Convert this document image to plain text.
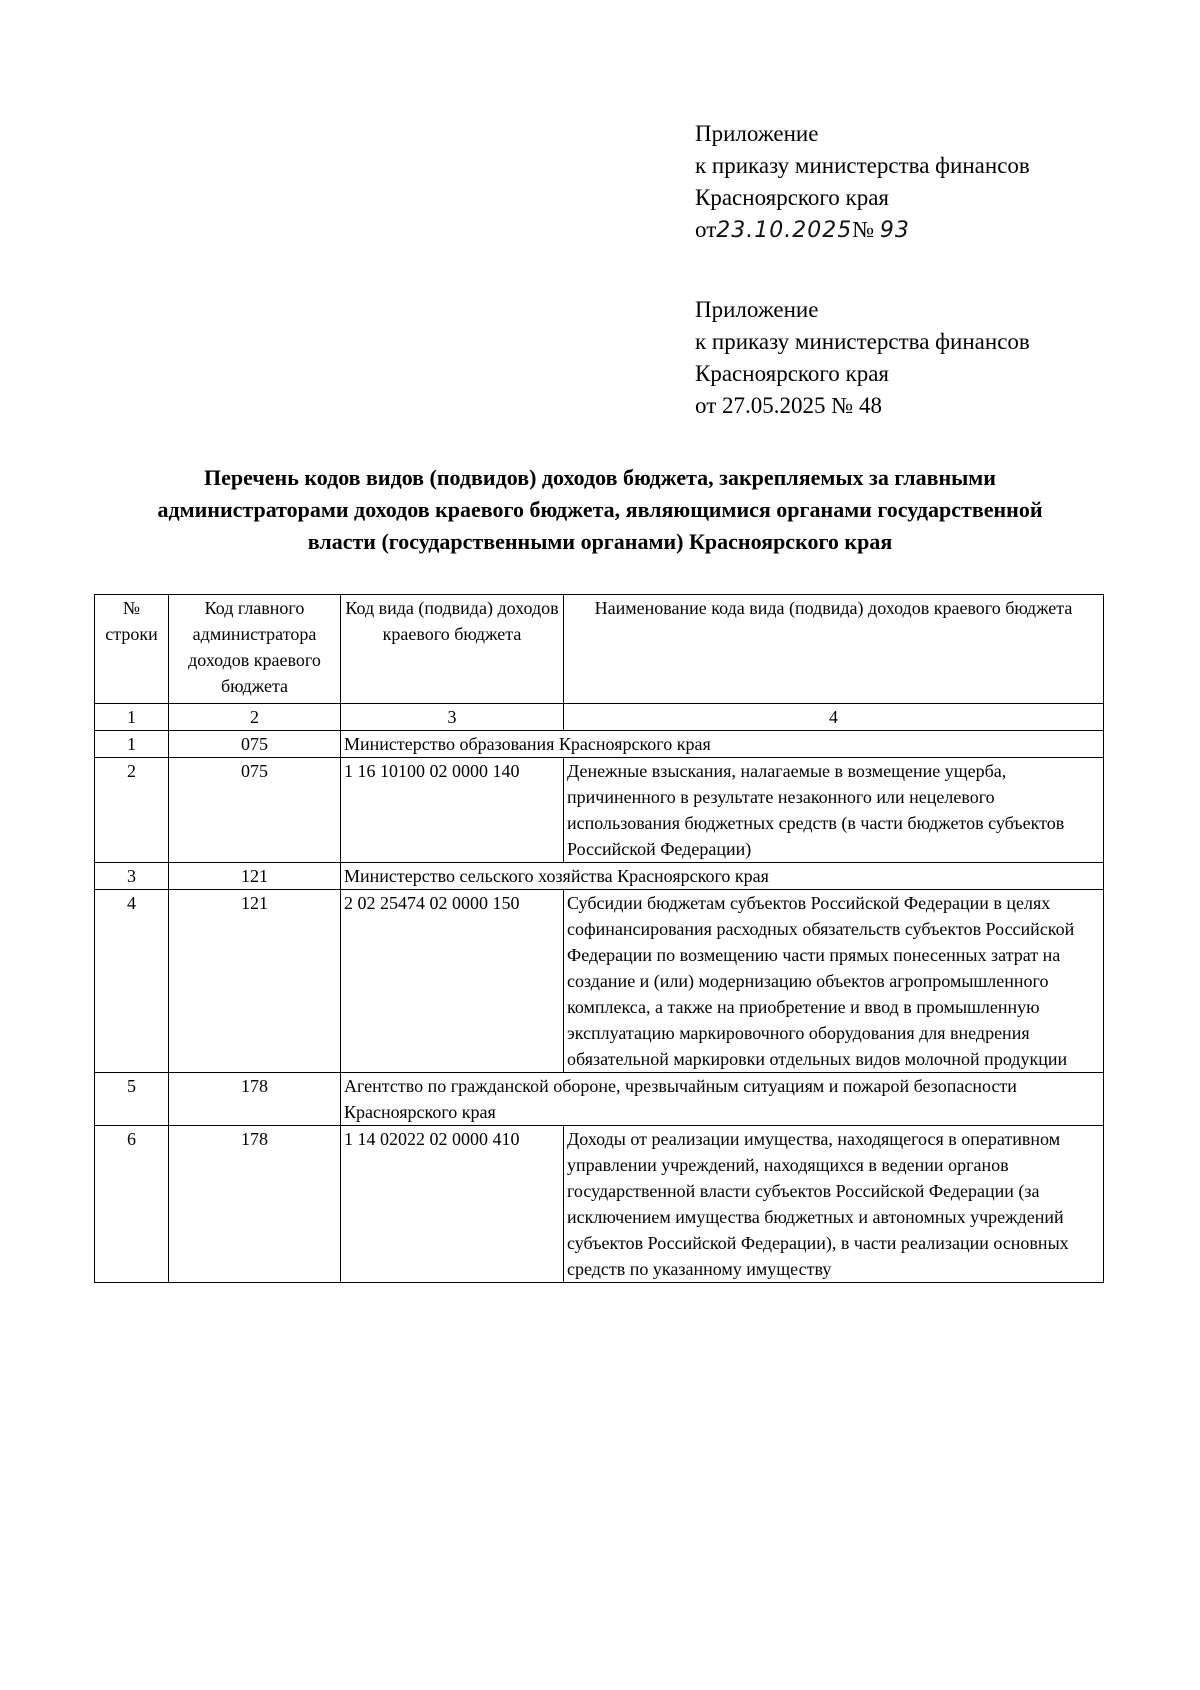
Приложение
к приказу министерства финансов
Красноярского края
от23.10.2025№ 93
Приложение
к приказу министерства финансов
Красноярского края
от 27.05.2025 № 48
Перечень кодов видов (подвидов) доходов бюджета, закрепляемых за главными
администраторами доходов краевого бюджета, являющимися органами государственной
власти (государственными органами) Красноярского края
№ строки	Код главного администратора доходов краевого бюджета	Код вида (подвида) доходов краевого бюджета	Наименование кода вида (подвида) доходов краевого бюджета
1	2	3	4
1	075	Министерство образования Красноярского края	
2	075	1 16 10100 02 0000 140	Денежные взыскания, налагаемые в возмещение ущерба, причиненного в результате незаконного или нецелевого использования бюджетных средств (в части бюджетов субъектов Российской Федерации)
3	121	Министерство сельского хозяйства Красноярского края	
4	121	2 02 25474 02 0000 150	Субсидии бюджетам субъектов Российской Федерации в целях софинансирования расходных обязательств субъектов Российской Федерации по возмещению части прямых понесенных затрат на создание и (или) модернизацию объектов агропромышленного комплекса, а также на приобретение и ввод в промышленную эксплуатацию маркировочного оборудования для внедрения обязательной маркировки отдельных видов молочной продукции
5	178	Агентство по гражданской обороне, чрезвычайным ситуациям и пожарой безопасности Красноярского края	
6	178	1 14 02022 02 0000 410	Доходы от реализации имущества, находящегося в оперативном управлении учреждений, находящихся в ведении органов государственной власти субъектов Российской Федерации (за исключением имущества бюджетных и автономных учреждений субъектов Российской Федерации), в части реализации основных средств по указанному имуществу
